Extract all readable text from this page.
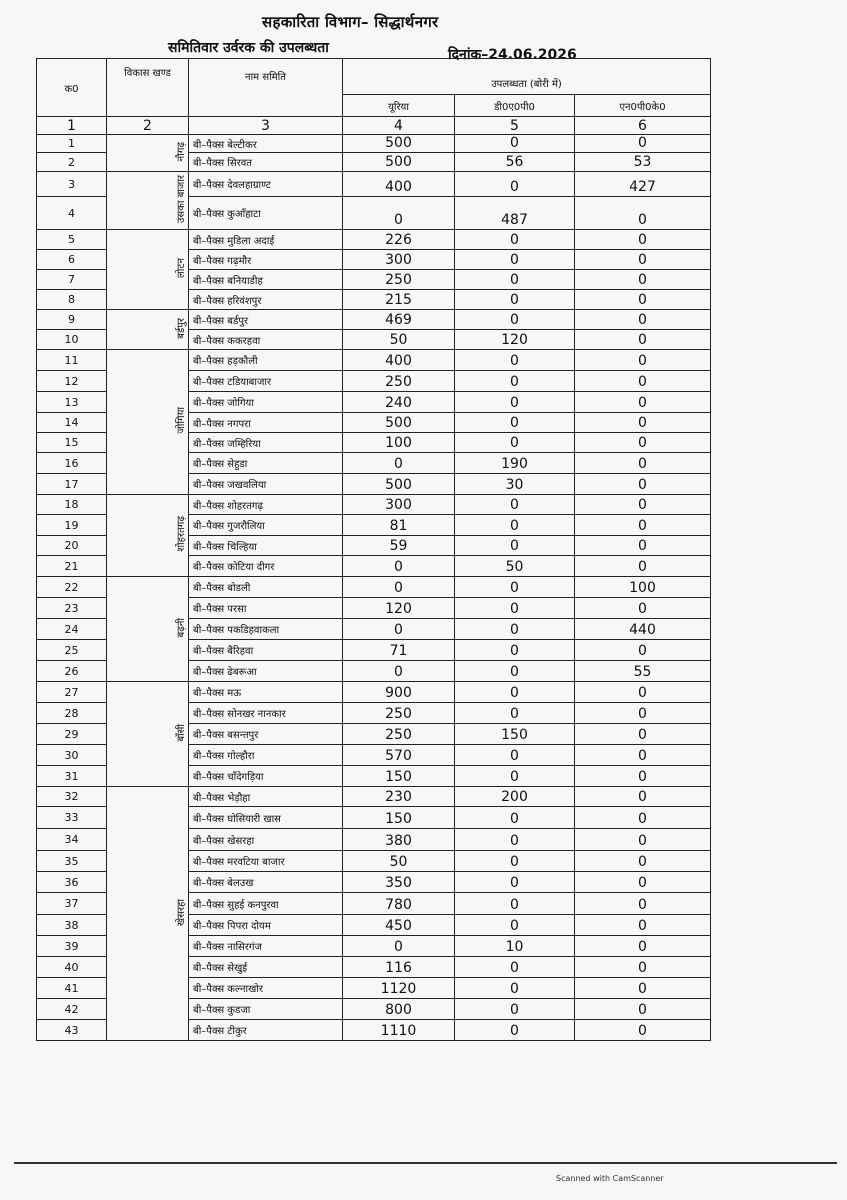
सहकारिता विभाग– सिद्धार्थनगर
समितिवार उर्वरक की उपलब्धता	दिनांक–24.06.2026
क0	विकास खण्ड	नाम समिति	उपलब्धता (बोरी में)		
			यूरिया	डी0ए0पी0	एन0पी0के0
1	2	3	4	5	6
1	नौगढ़	बी–पैक्स बेल्टीकर	500	0	0
2		बी–पैक्स सिरवत	500	56	53
3	उसका बाजार	बी–पैक्स देवलहाग्राण्ट	400	0	427
4		बी–पैक्स कुआँहाटा	0	487	0
5	लोटन	बी–पैक्स मुडिला अदाई	226	0	0
6		बी–पैक्स गढ़मौर	300	0	0
7		बी–पैक्स बनियाडीह	250	0	0
8		बी–पैक्स हरिवंशपुर	215	0	0
9	बर्डपुर	बी–पैक्स बर्डपुर	469	0	0
10		बी–पैक्स ककरहवा	50	120	0
11	जोगिया	बी–पैक्स हड़कौली	400	0	0
12		बी–पैक्स टडियाबाजार	250	0	0
13		बी–पैक्स जोगिया	240	0	0
14		बी–पैक्स नगपरा	500	0	0
15		बी–पैक्स जम्हिरिया	100	0	0
16		बी–पैक्स सेहुडा	0	190	0
17		बी–पैक्स जखवलिया	500	30	0
18	शोहरतगढ़	बी–पैक्स शोहरतगढ़	300	0	0
19		बी–पैक्स गुजरौलिया	81	0	0
20		बी–पैक्स चिल्हिया	59	0	0
21		बी–पैक्स कोटिया दीगर	0	50	0
22	बढ़नी	बी–पैक्स बोडली	0	0	100
23		बी–पैक्स परसा	120	0	0
24		बी–पैक्स पकडिहवाकला	0	0	440
25		बी–पैक्स बैरिहवा	71	0	0
26		बी–पैक्स ढेबरूआ	0	0	55
27	बाँसी	बी–पैक्स मऊ	900	0	0
28		बी–पैक्स सोनखर नानकार	250	0	0
29		बी–पैक्स बसन्तपुर	250	150	0
30		बी–पैक्स गोल्हौरा	570	0	0
31		बी–पैक्स चाँदेगड़िया	150	0	0
32	खेसरहा	बी–पैक्स भेड़ौहा	230	200	0
33		बी–पैक्स घोसियारी खास	150	0	0
34		बी–पैक्स खेसरहा	380	0	0
35		बी–पैक्स मरवटिया बाजार	50	0	0
36		बी–पैक्स बेलउख	350	0	0
37		बी–पैक्स सुहई कनपुरवा	780	0	0
38		बी–पैक्स पिपरा दोयम	450	0	0
39		बी–पैक्स नासिरगंज	0	10	0
40		बी–पैक्स सेखुई	116	0	0
41		बी–पैक्स कल्नाखोर	1120	0	0
42		बी–पैक्स कुडजा	800	0	0
43		बी–पैक्स टीकुर	1110	0	0
Scanned with CamScanner
